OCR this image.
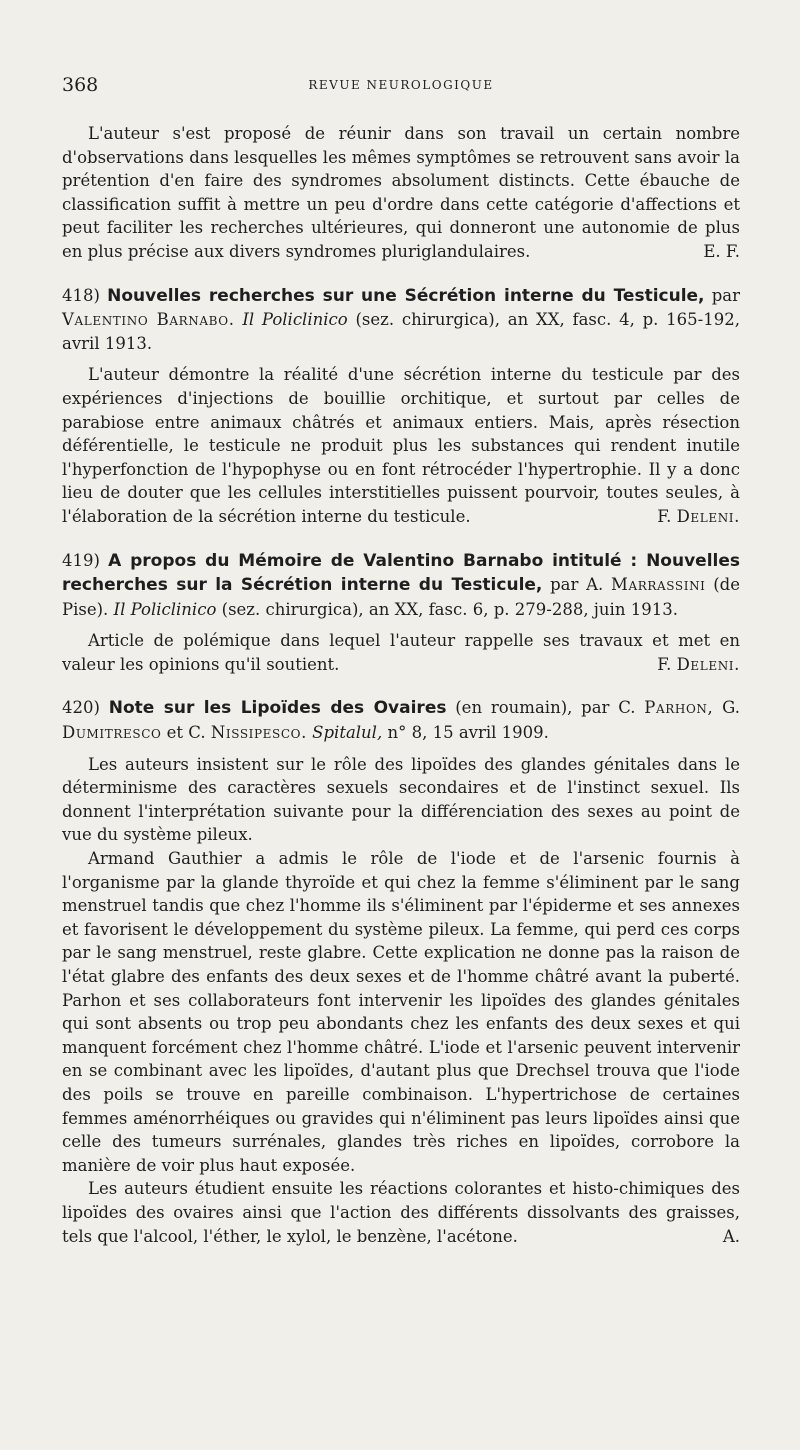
368	REVUE NEUROLOGIQUE

L'auteur s'est proposé de réunir dans son travail un certain nombre d'observations dans lesquelles les mêmes symptômes se retrouvent sans avoir la prétention d'en faire des syndromes absolument distincts. Cette ébauche de classification suffit à mettre un peu d'ordre dans cette catégorie d'affections et peut faciliter les recherches ultérieures, qui donneront une autonomie de plus en plus précise aux divers syndromes pluriglandulaires.	E. F.

418) Nouvelles recherches sur une Sécrétion interne du Testicule, par Valentino Barnabo. Il Policlinico (sez. chirurgica), an XX, fasc. 4, p. 165-192, avril 1913.

L'auteur démontre la réalité d'une sécrétion interne du testicule par des expériences d'injections de bouillie orchitique, et surtout par celles de parabiose entre animaux châtrés et animaux entiers. Mais, après résection déférentielle, le testicule ne produit plus les substances qui rendent inutile l'hyperfonction de l'hypophyse ou en font rétrocéder l'hypertrophie. Il y a donc lieu de douter que les cellules interstitielles puissent pourvoir, toutes seules, à l'élaboration de la sécrétion interne du testicule.	F. Deleni.

419) A propos du Mémoire de Valentino Barnabo intitulé : Nouvelles recherches sur la Sécrétion interne du Testicule, par A. Marrassini (de Pise). Il Policlinico (sez. chirurgica), an XX, fasc. 6, p. 279-288, juin 1913.

Article de polémique dans lequel l'auteur rappelle ses travaux et met en valeur les opinions qu'il soutient.	F. Deleni.

420) Note sur les Lipoïdes des Ovaires (en roumain), par C. Parhon, G. Dumitresco et C. Nissipesco. Spitalul, n° 8, 15 avril 1909.

Les auteurs insistent sur le rôle des lipoïdes des glandes génitales dans le déterminisme des caractères sexuels secondaires et de l'instinct sexuel. Ils donnent l'interprétation suivante pour la différenciation des sexes au point de vue du système pileux.

Armand Gauthier a admis le rôle de l'iode et de l'arsenic fournis à l'organisme par la glande thyroïde et qui chez la femme s'éliminent par le sang menstruel tandis que chez l'homme ils s'éliminent par l'épiderme et ses annexes et favorisent le développement du système pileux. La femme, qui perd ces corps par le sang menstruel, reste glabre. Cette explication ne donne pas la raison de l'état glabre des enfants des deux sexes et de l'homme châtré avant la puberté. Parhon et ses collaborateurs font intervenir les lipoïdes des glandes génitales qui sont absents ou trop peu abondants chez les enfants des deux sexes et qui manquent forcément chez l'homme châtré. L'iode et l'arsenic peuvent intervenir en se combinant avec les lipoïdes, d'autant plus que Drechsel trouva que l'iode des poils se trouve en pareille combinaison. L'hypertrichose de certaines femmes aménorrhéiques ou gravides qui n'éliminent pas leurs lipoïdes ainsi que celle des tumeurs surrénales, glandes très riches en lipoïdes, corrobore la manière de voir plus haut exposée.

Les auteurs étudient ensuite les réactions colorantes et histo-chimiques des lipoïdes des ovaires ainsi que l'action des différents dissolvants des graisses, tels que l'alcool, l'éther, le xylol, le benzène, l'acétone.	A.
